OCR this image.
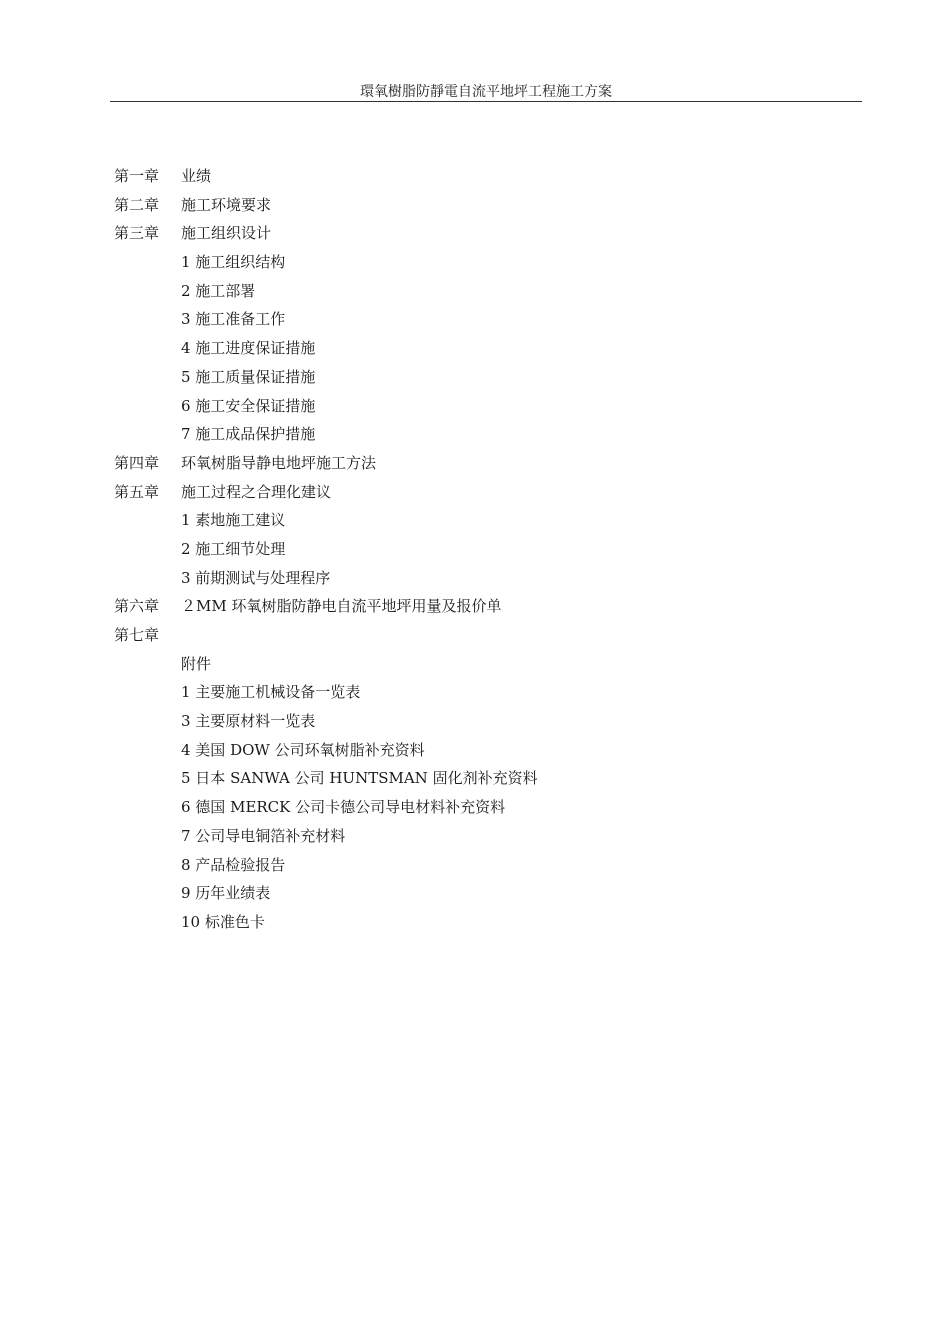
環氧樹脂防靜電自流平地坪工程施工方案
第一章 业绩
第二章 施工环境要求
第三章 施工组织设计
1 施工组织结构
2 施工部署
3 施工准备工作
4 施工进度保证措施
5 施工质量保证措施
6 施工安全保证措施
7 施工成品保护措施
第四章 环氧树脂导静电地坪施工方法
第五章 施工过程之合理化建议
1 素地施工建议
2 施工细节处理
3 前期测试与处理程序
第六章 ２MM 环氧树脂防静电自流平地坪用量及报价单
第七章
附件
1 主要施工机械设备一览表
3 主要原材料一览表
4 美国 DOW 公司环氧树脂补充资料
5 日本 SANWA 公司 HUNTSMAN 固化剂补充资料
6 德国 MERCK 公司卡德公司导电材料补充资料
7 公司导电铜箔补充材料
8 产品检验报告
9 历年业绩表
10 标准色卡
